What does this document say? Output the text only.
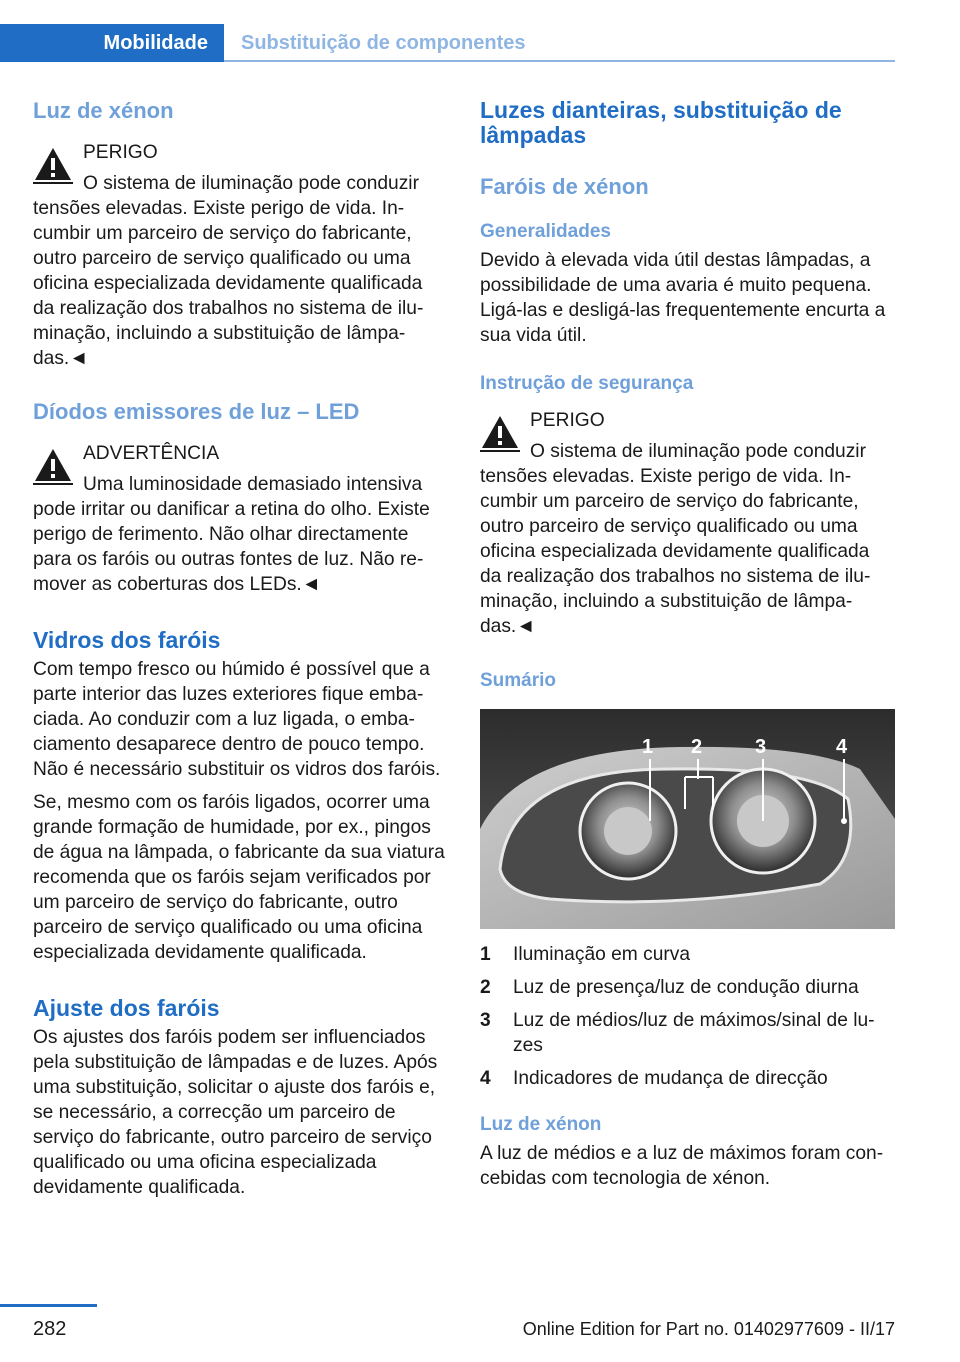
Mobilidade	Substituição de componentes
Luz de xénon
PERIGO
O sistema de iluminação pode conduzir tensões elevadas. Existe perigo de vida. Incumbir um parceiro de serviço do fabricante, outro parceiro de serviço qualificado ou uma oficina especializada devidamente qualificada da realização dos trabalhos no sistema de iluminação, incluindo a substituição de lâmpadas.◄
Díodos emissores de luz – LED
ADVERTÊNCIA
Uma luminosidade demasiado intensiva pode irritar ou danificar a retina do olho. Existe perigo de ferimento. Não olhar directamente para os faróis ou outras fontes de luz. Não remover as coberturas dos LEDs.◄
Vidros dos faróis
Com tempo fresco ou húmido é possível que a parte interior das luzes exteriores fique embaciada. Ao conduzir com a luz ligada, o embaciamento desaparece dentro de pouco tempo. Não é necessário substituir os vidros dos faróis.
Se, mesmo com os faróis ligados, ocorrer uma grande formação de humidade, por ex., pingos de água na lâmpada, o fabricante da sua viatura recomenda que os faróis sejam verificados por um parceiro de serviço do fabricante, outro parceiro de serviço qualificado ou uma oficina especializada devidamente qualificada.
Ajuste dos faróis
Os ajustes dos faróis podem ser influenciados pela substituição de lâmpadas e de luzes. Após uma substituição, solicitar o ajuste dos faróis e, se necessário, a correcção um parceiro de serviço do fabricante, outro parceiro de serviço qualificado ou uma oficina especializada devidamente qualificada.
Luzes dianteiras, substituição de lâmpadas
Faróis de xénon
Generalidades
Devido à elevada vida útil destas lâmpadas, a possibilidade de uma avaria é muito pequena. Ligá-las e desligá-las frequentemente encurta a sua vida útil.
Instrução de segurança
PERIGO
O sistema de iluminação pode conduzir tensões elevadas. Existe perigo de vida. Incumbir um parceiro de serviço do fabricante, outro parceiro de serviço qualificado ou uma oficina especializada devidamente qualificada da realização dos trabalhos no sistema de iluminação, incluindo a substituição de lâmpadas.◄
Sumário
1 2	3	4
1	Iluminação em curva
2	Luz de presença/luz de condução diurna
3	Luz de médios/luz de máximos/sinal de luzes
4	Indicadores de mudança de direcção
Luz de xénon
A luz de médios e a luz de máximos foram concebidas com tecnologia de xénon.
282	Online Edition for Part no. 01402977609 - II/17
